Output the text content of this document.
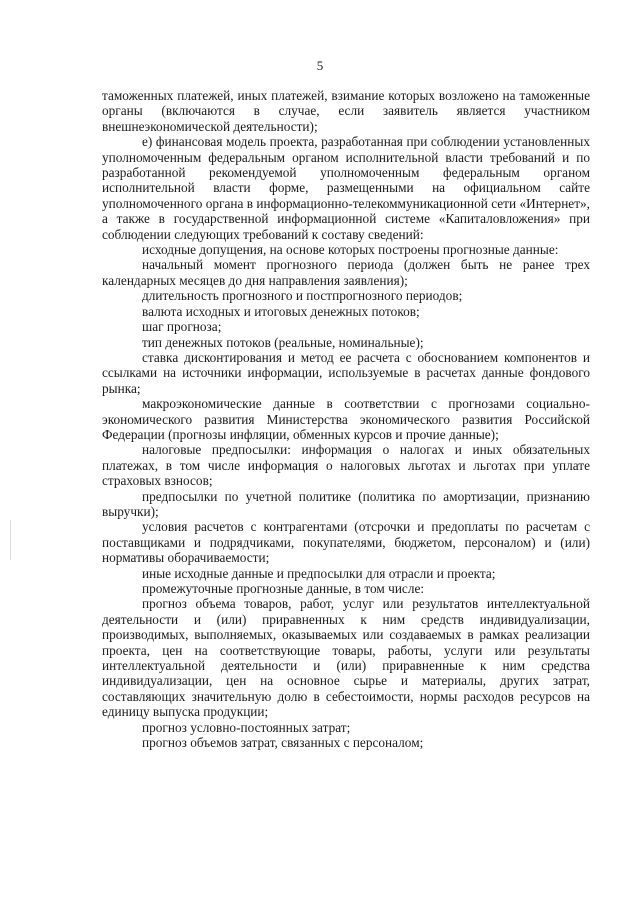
5

таможенных платежей, иных платежей, взимание которых возложено на таможенные органы (включаются в случае, если заявитель является участником внешнеэкономической деятельности);

е) финансовая модель проекта, разработанная при соблюдении установленных уполномоченным федеральным органом исполнительной власти требований и по разработанной рекомендуемой уполномоченным федеральным органом исполнительной власти форме, размещенными на официальном сайте уполномоченного органа в информационно-телекоммуникационной сети «Интернет», а также в государственной информационной системе «Капиталовложения» при соблюдении следующих требований к составу сведений:

исходные допущения, на основе которых построены прогнозные данные:

начальный момент прогнозного периода (должен быть не ранее трех календарных месяцев до дня направления заявления);

длительность прогнозного и постпрогнозного периодов;

валюта исходных и итоговых денежных потоков;

шаг прогноза;

тип денежных потоков (реальные, номинальные);

ставка дисконтирования и метод ее расчета с обоснованием компонентов и ссылками на источники информации, используемые в расчетах данные фондового рынка;

макроэкономические данные в соответствии с прогнозами социально-экономического развития Министерства экономического развития Российской Федерации (прогнозы инфляции, обменных курсов и прочие данные);

налоговые предпосылки: информация о налогах и иных обязательных платежах, в том числе информация о налоговых льготах и льготах при уплате страховых взносов;

предпосылки по учетной политике (политика по амортизации, признанию выручки);

условия расчетов с контрагентами (отсрочки и предоплаты по расчетам с поставщиками и подрядчиками, покупателями, бюджетом, персоналом) и (или) нормативы оборачиваемости;

иные исходные данные и предпосылки для отрасли и проекта;

промежуточные прогнозные данные, в том числе:

прогноз объема товаров, работ, услуг или результатов интеллектуальной деятельности и (или) приравненных к ним средств индивидуализации, производимых, выполняемых, оказываемых или создаваемых в рамках реализации проекта, цен на соответствующие товары, работы, услуги или результаты интеллектуальной деятельности и (или) приравненные к ним средства индивидуализации, цен на основное сырье и материалы, других затрат, составляющих значительную долю в себестоимости, нормы расходов ресурсов на единицу выпуска продукции;

прогноз условно-постоянных затрат;

прогноз объемов затрат, связанных с персоналом;
